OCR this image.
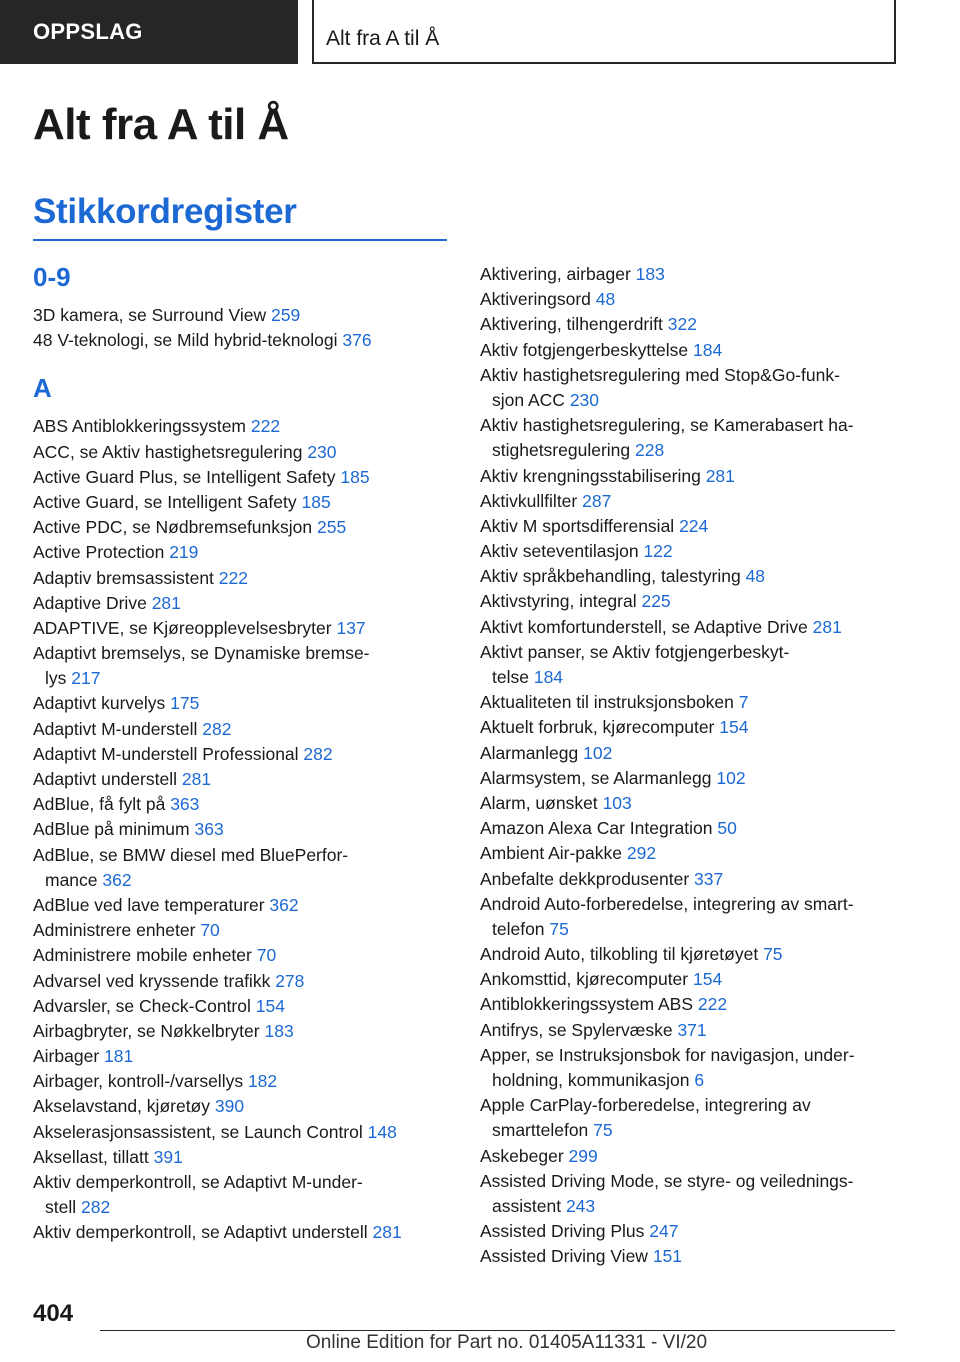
OPPSLAG	Alt fra A til Å
Alt fra A til Å
Stikkordregister
0-9
3D kamera, se Surround View 259
48 V-teknologi, se Mild hybrid-teknologi 376
A
ABS Antiblokkeringssystem 222
ACC, se Aktiv hastighetsregulering 230
Active Guard Plus, se Intelligent Safety 185
Active Guard, se Intelligent Safety 185
Active PDC, se Nødbremsefunksjon 255
Active Protection 219
Adaptiv bremsassistent 222
Adaptive Drive 281
ADAPTIVE, se Kjøreopplevelsesbryter 137
Adaptivt bremselys, se Dynamiske bremse-
lys 217
Adaptivt kurvelys 175
Adaptivt M-understell 282
Adaptivt M-understell Professional 282
Adaptivt understell 281
AdBlue, få fylt på 363
AdBlue på minimum 363
AdBlue, se BMW diesel med BluePerfor-
mance 362
AdBlue ved lave temperaturer 362
Administrere enheter 70
Administrere mobile enheter 70
Advarsel ved kryssende trafikk 278
Advarsler, se Check-Control 154
Airbagbryter, se Nøkkelbryter 183
Airbager 181
Airbager, kontroll-/varsellys 182
Akselavstand, kjøretøy 390
Akselerasjonsassistent, se Launch Control 148
Aksellast, tillatt 391
Aktiv demperkontroll, se Adaptivt M-under-
stell 282
Aktiv demperkontroll, se Adaptivt understell 281
Aktivering, airbager 183
Aktiveringsord 48
Aktivering, tilhengerdrift 322
Aktiv fotgjengerbeskyttelse 184
Aktiv hastighetsregulering med Stop&Go-funk-
sjon ACC 230
Aktiv hastighetsregulering, se Kamerabasert ha-
stighetsregulering 228
Aktiv krengningsstabilisering 281
Aktivkullfilter 287
Aktiv M sportsdifferensial 224
Aktiv seteventilasjon 122
Aktiv språkbehandling, talestyring 48
Aktivstyring, integral 225
Aktivt komfortunderstell, se Adaptive Drive 281
Aktivt panser, se Aktiv fotgjengerbeskyt-
telse 184
Aktualiteten til instruksjonsboken 7
Aktuelt forbruk, kjørecomputer 154
Alarmanlegg 102
Alarmsystem, se Alarmanlegg 102
Alarm, uønsket 103
Amazon Alexa Car Integration 50
Ambient Air-pakke 292
Anbefalte dekkprodusenter 337
Android Auto-forberedelse, integrering av smart-
telefon 75
Android Auto, tilkobling til kjøretøyet 75
Ankomsttid, kjørecomputer 154
Antiblokkeringssystem ABS 222
Antifrys, se Spylervæske 371
Apper, se Instruksjonsbok for navigasjon, under-
holdning, kommunikasjon 6
Apple CarPlay-forberedelse, integrering av
smarttelefon 75
Askebeger 299
Assisted Driving Mode, se styre- og veilednings-
assistent 243
Assisted Driving Plus 247
Assisted Driving View 151
404
Online Edition for Part no. 01405A11331 - VI/20
